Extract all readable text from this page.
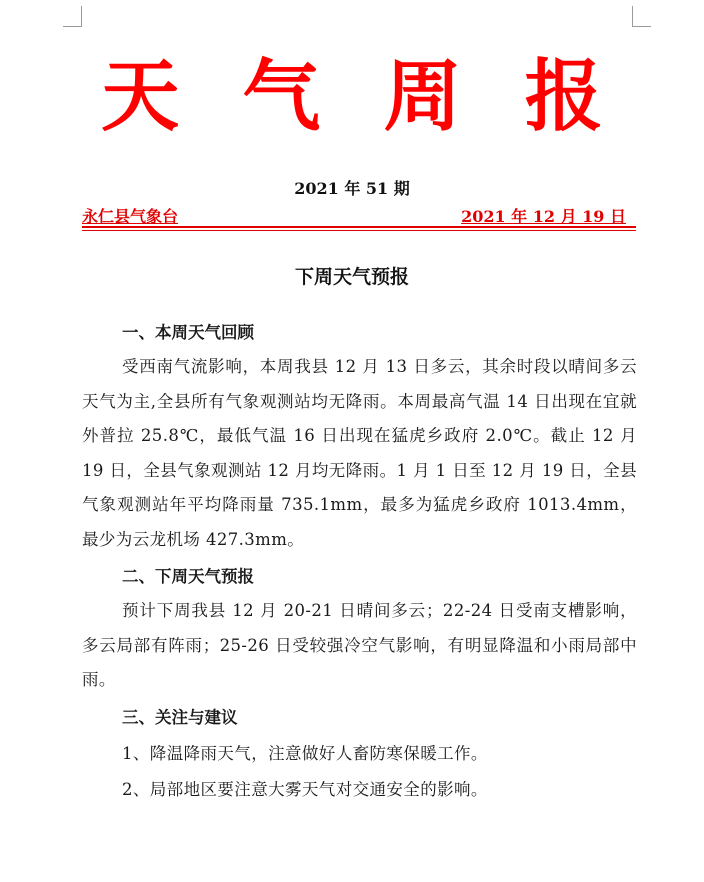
天 气 周 报
2021 年 51 期
永仁县气象台	2021 年 12 月 19 日
下周天气预报
一、本周天气回顾

受西南气流影响，本周我县 12 月 13 日多云，其余时段以晴间多云天气为主,全县所有气象观测站均无降雨。本周最高气温 14 日出现在宜就外普拉 25.8℃，最低气温 16 日出现在猛虎乡政府 2.0℃。截止 12 月 19 日，全县气象观测站 12 月均无降雨。1 月 1 日至 12 月 19 日，全县气象观测站年平均降雨量 735.1mm，最多为猛虎乡政府 1013.4mm，最少为云龙机场 427.3mm。

二、下周天气预报

预计下周我县 12 月 20-21 日晴间多云；22-24 日受南支槽影响，多云局部有阵雨；25-26 日受较强冷空气影响，有明显降温和小雨局部中雨。

三、关注与建议

1、降温降雨天气，注意做好人畜防寒保暖工作。

2、局部地区要注意大雾天气对交通安全的影响。
